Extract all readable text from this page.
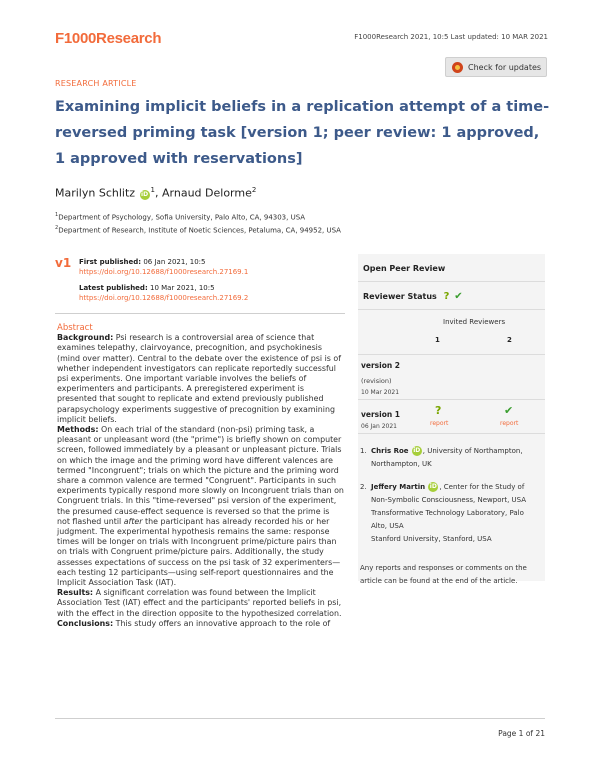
F1000Research	F1000Research 2021, 10:5 Last updated: 10 MAR 2021
RESEARCH ARTICLE
Check for updates
Examining implicit beliefs in a replication attempt of a time-reversed priming task [version 1; peer review: 1 approved, 1 approved with reservations]
Marilyn Schlitz $iD^1$, Arnaud Delorme$^2$
$^1$Department of Psychology, Sofia University, Palo Alto, CA, 94303, USA
$^2$Department of Research, Institute of Noetic Sciences, Petaluma, CA, 94952, USA
v1 First published: 06 Jan 2021, 10:5
https://doi.org/10.12688/f1000research.27169.1
Latest published: 10 Mar 2021, 10:5
https://doi.org/10.12688/f1000research.27169.2
Abstract

Background: Psi research is a controversial area of science that examines telepathy, clairvoyance, precognition, and psychokinesis (mind over matter). Central to the debate over the existence of psi is of whether independent investigators can replicate reportedly successful psi experiments. One important variable involves the beliefs of experimenters and participants. A preregistered experiment is presented that sought to replicate and extend previously published parapsychology experiments suggestive of precognition by examining implicit beliefs.

Methods: On each trial of the standard (non-psi) priming task, a pleasant or unpleasant word (the "prime") is briefly shown on computer screen, followed immediately by a pleasant or unpleasant picture. Trials on which the image and the priming word have different valences are termed "Incongruent"; trials on which the picture and the priming word share a common valence are termed "Congruent". Participants in such experiments typically respond more slowly on Incongruent trials than on Congruent trials. In this "time-reversed" psi version of the experiment, the presumed cause-effect sequence is reversed so that the prime is not flashed until after the participant has already recorded his or her judgment. The experimental hypothesis remains the same: response times will be longer on trials with Incongruent prime/picture pairs than on trials with Congruent prime/picture pairs. Additionally, the study assesses expectations of success on the psi task of 32 experimenters—each testing 12 participants—using self-report questionnaires and the Implicit Association Task (IAT).

Results: A significant correlation was found between the Implicit Association Test (IAT) effect and the participants' reported beliefs in psi, with the effect in the direction opposite to the hypothesized correlation.

Conclusions: This study offers an innovative approach to the role of

Open Peer Review
Reviewer Status ? ✔
Invited Reviewers
1	2
version 2
(revision)
10 Mar 2021
version 1
06 Jan 2021
?	✔
report	report
1. Chris Roe iD , University of Northampton, Northampton, UK
2. Jeffery Martin iD , Center for the Study of Non-Symbolic Consciousness, Newport, USA
Transformative Technology Laboratory, Palo Alto, USA
Stanford University, Stanford, USA
Any reports and responses or comments on the article can be found at the end of the article.
Page 1 of 21
